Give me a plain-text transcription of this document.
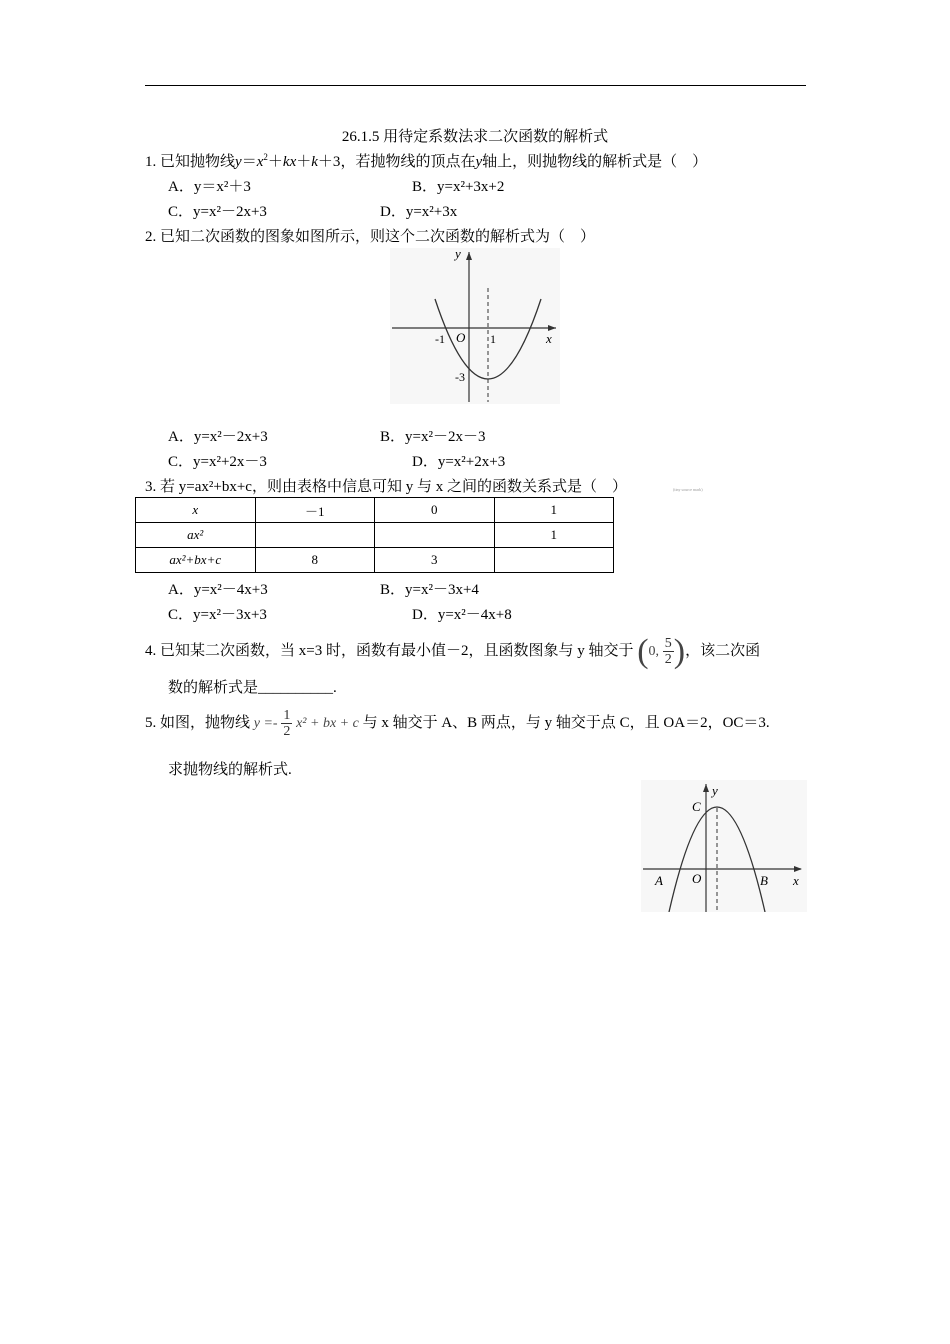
26.1.5 用待定系数法求二次函数的解析式
1. 已知抛物线$y=x^2+kx+k+3$，若抛物线的顶点在y轴上，则抛物线的解析式是（　）
A．y＝x²＋3	B．y=x²+3x+2
C．y=x²－2x+3	D．y=x²+3x
2. 已知二次函数的图象如图所示，则这个二次函数的解析式为（　）
y
x
O
-1	1
-3
A．y=x²－2x+3	B．y=x²－2x－3
C．y=x²+2x－3	D．y=x²+2x+3
3. 若 y=ax²+bx+c，则由表格中信息可知 y 与 x 之间的函数关系式是（　）	(tiny source mark)
x	－1	0	1
ax²			1
ax²+bx+c	8	3	
A．y=x²－4x+3	B．y=x²－3x+4
C．y=x²－3x+3	D．y=x²－4x+8
4. 已知某二次函数，当 x=3 时，函数有最小值－2，且函数图象与 y 轴交于 (0, $\frac{5}{2}$ )，该二次函
数的解析式是__________.
5. 如图，抛物线 $y =- \frac{1}{2} x^2$ + bx + c 与 x 轴交于 A、B 两点，与 y 轴交于点 C，且 OA＝2，OC＝3.
求抛物线的解析式.
y
x
O
A	B
C
